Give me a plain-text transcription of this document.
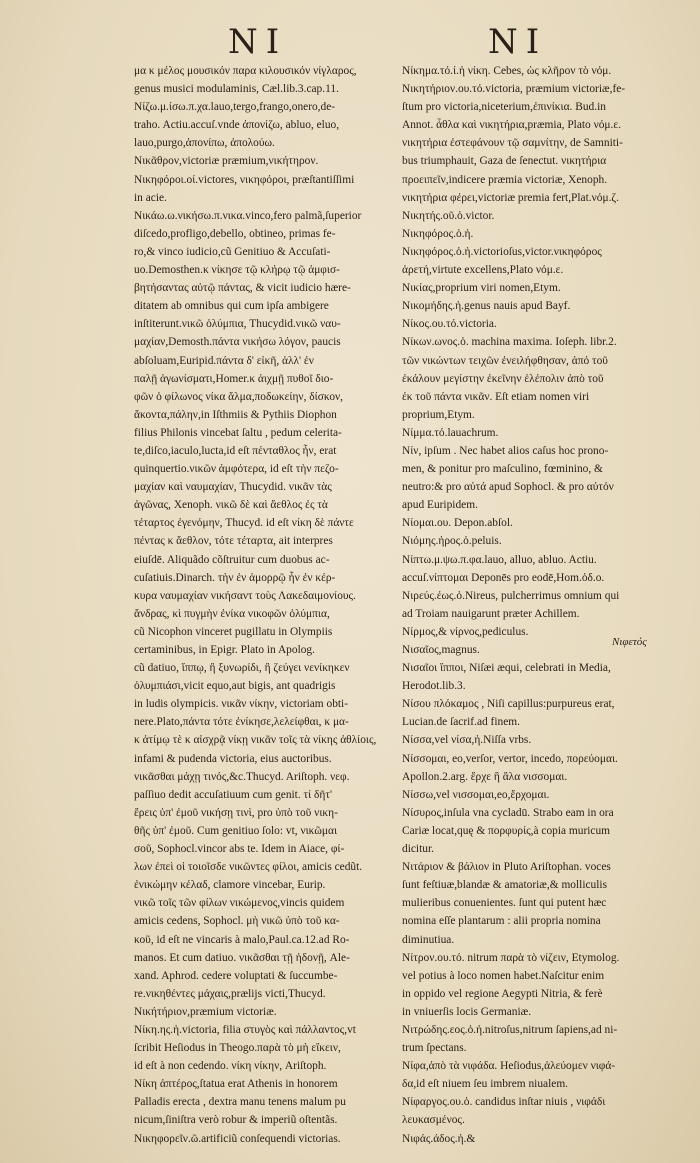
NI	NI
μα κ μέλος μουσικόν παρα κιλουσικόν νίγλαρος,
genus musici modulaminis, Cæl.lib.3.cap.11.
Νίζω.μ.ίσω.π.χα.lauo,tergo,frango,onero,de-
traho. Actiu.accuſ.vnde ἀπονίζω, abluo, eluo,
lauo,purgo,ἀπονίπω, ἀπολούω.
Νικᾶθρον,victoriæ præmium,νικήτηρον.
Νικηφόροι.οί.victores, νικηφόροι, præſtantiſſimi
in acie.
Νικάω.ω.νικήσω.π.νικα.vinco,fero palmã,ſuperior
diſcedo,profligo,debello, obtineo, primas fe-
ro,& vinco iudicio,cũ Genitiuo & Accuſati-
uo.Demosthen.κ νίκησε τῷ κλήρῳ τῷ ἀμφισ-
βητήσαντας αὐτῷ πάντας, & vicit iudicio hære-
ditatem ab omnibus qui cum ipſa ambigere
inſtiterunt.νικῶ ὀλύμπια, Thucydid.νικῶ ναυ-
μαχίαν,Demosth.πάντα νικήσω λόγον, paucis
abſoluam,Euripid.πάντα δ' εἰκῆ, ἀλλ' ἐν
παλῇ ἀγωνίσματι,Homer.κ ἀιχμῇ πυθοῖ διο-
φῶν ὁ φίλωνος νίκα ἅλμα,ποδωκείην, δίσκον,
ἄκοντα,πάλην,in Iſthmiis & Pythiis Diophon
filius Philonis vincebat ſaltu , pedum celerita-
te,diſco,iaculo,lucta,id eſt πένταθλος ἦν, erat
quinquertio.νικῶν ἀμφότερα, id eſt τὴν πεζο-
μαχίαν καὶ ναυμαχίαν, Thucydid. νικᾶν τὰς
ἀγῶνας, Xenoph. νικῶ δὲ καὶ ἄεθλος ἐς τὰ
τέταρτος ἐγενόμην, Thucyd. id eſt νίκη δὲ πάντε
πέντας κ ἄεθλον, τότε τέταρτα, ait interpres
eiuſdē. Aliquãdo cõſtruitur cum duobus ac-
cuſatiuis.Dinarch. τὴν ἐν ἀμορρῷ ἦν ἐν κέρ-
κυρα ναυμαχίαν νικήσαντ τοὺς Λακεδαιμονίους.
ἄνδρας, κὶ πυγμὴν ἐνίκα νικοφῶν ὀλύμπια,
cũ Nicophon vinceret pugillatu in Olympiis
certaminibus, in Epigr. Plato in Apolog.
cũ datiuo, ἵππῳ, ἢ ξυνωρίδι, ἢ ζεύγει νενίκηκεν
ὀλυμπιάσι,vicit equo,aut bigis, ant quadrigis
in ludis olympicis. νικᾶν νίκην, victoriam obti-
nere.Plato,πάντα τότε ἐνίκησε,λελείφθαι, κ μα-
κ ἀτίμῳ τὲ κ αἰσχρᾷ νίκῃ νικᾶν τοῖς τὰ νίκης ἀθλίοις,
infami & pudenda victoria, eius auctoribus.
νικᾶσθαι μάχῃ τινός,&c.Thucyd. Ariſtoph. νεφ.
paſſiuo dedit accuſatiuum cum genit. τί δῆτ'
ἔρεις ὑπ' ἐμοῦ νικήσῃ τινὶ, pro ὑπὸ τοῦ νικη-
θῆς ὑπ' ἐμοῦ. Cum genitiuo ſolo: vt, νικῶμαι
σοῦ, Sophocl.vincor abs te. Idem in Aiace, φί-
λων ἐπεὶ οἱ τοιοῖσδε νικῶντες φίλοι, amicis cedũt.
ἐνικώμην κέλαδ, clamore vincebar, Eurip.
νικῶ τοῖς τῶν φίλων νικώμενος,vincis quidem
amicis cedens, Sophocl. μὴ νικῶ ὑπὸ τοῦ κα-
κοῦ, id eſt ne vincaris à malo,Paul.ca.12.ad Ro-
manos. Et cum datiuo. νικᾶσθαι τῇ ἡδονῇ, Ale-
xand. Aphrod. cedere voluptati & ſuccumbe-
re.νικηθέντες μάχαις,prælijs victi,Thucyd.
Νικήτήριον,præmium victoriæ.
Νίκη.ης.ἡ.victoria, filia στυγὸς καὶ πάλλαντος,vt
ſcribit Heſiodus in Theogo.παρὰ τὸ μὴ εἴκειν,
id eſt à non cedendo. νίκη νίκην, Ariſtoph.
Νίκη ἀπτέρος,ſtatua erat Athenis in honorem
Palladis erecta , dextra manu tenens malum pu
nicum,ſiniſtra verò robur & imperiũ oſtentãs.
Νικηφορεῖν.ῶ.artificiũ conſequendi victorias.
Νίκημα.τό.ί.ἡ νίκη. Cebes, ὡς κλῆρον τὸ νόμ.
Νικητήριον.ου.τό.victoria, præmium victoriæ,fe-
ſtum pro victoria,niceterium,ἐπινίκια. Bud.in
Annot. ἆθλα καὶ νικητήρια,præmia, Plato νόμ.ε.
νικητήρια ἐστεφάνουν τῷ σαμνίτην, de Samniti-
bus triumphauit, Gaza de ſenectut. νικητήρια
προειπεῖν,indicere præmia victoriæ, Xenoph.
νικητήρια φέρει,victoriæ premia fert,Plat.νόμ.ζ.
Νικητής.οῦ.ὁ.victor.
Νικηφόρος.ὁ.ἡ.
Νικηφόρος.ὁ.ἡ.victorioſus,victor.νικηφόρος
ἀρετή,virtute excellens,Plato νόμ.ε.
Νικίας,proprium viri nomen,Etym.
Νικομήδης.ἡ.genus nauis apud Bayf.
Νίκος.ου.τό.victoria.
Νίκων.ωνος.ὁ. machina maxima. Ioſeph. libr.2.
τῶν νικώντων τειχῶν ἐνειλήφθησαν, ἀπό τοῦ
ἐκάλουν μεγίστην ἐκεῖνην ἑλέπολιν ἀπὸ τοῦ
ἐκ τοῦ πάντα νικᾶν. Eſt etiam nomen viri
proprium,Etym.
Νίμμα.τό.lauachrum.
Νίν, ipſum . Nec habet alios caſus hoc prono-
men, & ponitur pro maſculino, fœminino, &
neutro:& pro αὐτά apud Sophocl. & pro αὐτόν
apud Euripidem.
Νίομαι.ου. Depon.abſol.
Νιόμης.ἡρος.ὁ.peluis.
Νίπτω.μ.ψω.π.φα.lauo, alluo, abluo. Actiu.
accuſ.νίπτομαι Deponēs pro eodē,Hom.ὀδ.ο.
Νιρεύς.έως.ὁ.Nireus, pulcherrimus omnium qui
ad Troiam nauigarunt præter Achillem.
Νίρμος,& νίρνος,pediculus.
Νισαῖος,magnus.
Νισαῖοι ἵπποι, Niſæi æqui, celebrati in Media,
Herodot.lib.3.
Νίσου πλόκαμος , Niſi capillus:purpureus erat,
Lucian.de ſacrif.ad finem.
Νίσσα,vel νίσα,ἡ.Niſſa vrbs.
Νίσσομαι, eo,verſor, vertor, incedo, πορεύομαι.
Apollon.2.arg. ἔρχε ἢ ἄλα νισσομαι.
Νίσσω,vel νισσομαι,eo,ἔρχομαι.
Νίσυρος,inſula vna cycladū. Strabo eam in ora
Cariæ locat,quę & πορφυρίς,à copia muricum
dicitur.
Νιτάριον & βάλιον in Pluto Ariſtophan. voces
ſunt feſtiuæ,blandæ & amatoriæ,& molliculis
mulieribus conuenientes. ſunt qui putent hæc
nomina eſſe plantarum : alii propria nomina
diminutiua.
Νίτρον.ου.τό. nitrum παρὰ τὸ νίζειν, Etymolog.
vel potius à loco nomen habet.Naſcitur enim
in oppido vel regione Aegypti Nitria, & ferè
in vniuerſis locis Germaniæ.
Νιτρώδης.εος.ὁ.ἡ.nitroſus,nitrum ſapiens,ad ni-
trum ſpectans.
Νίφα,ἀπὸ τὰ νιφάδα. Heſiodus,ἀλεύομεν νιφά-
δα,id eſt niuem ſeu imbrem niualem.
Νίφαργος.ου.ὁ. candidus inſtar niuis , νιφάδι
λευκασμένος.
Νιφάς.άδος.ἡ.&
Νιφετός
